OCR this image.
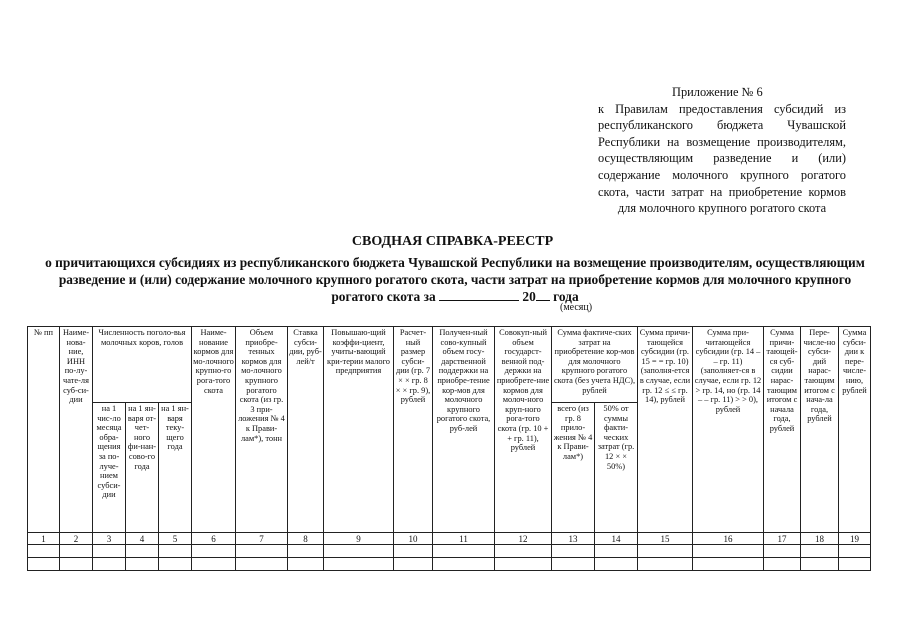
Приложение № 6
к Правилам предоставления субсидий из республиканского бюджета Чувашской Республики на возмещение производителям, осуществляющим разведение и (или) содержание молочного крупного рогатого скота, части затрат на приобретение кормов для молочного крупного рогатого скота
СВОДНАЯ СПРАВКА-РЕЕСТР
о причитающихся субсидиях из республиканского бюджета Чувашской Республики на возмещение производителям, осуществляющим разведение и (или) содержание молочного крупного рогатого скота, части затрат на приобретение кормов для молочного крупного рогатого скота за	20 года
(месяц)
№ пп	Наиме-нова-ние, ИНН по-лу-чате-ля суб-си-дии	Численность поголо-вья молочных коров, голов			Наиме-нование кормов для мо-лочного крупно-го рога-того скота	Объем приобре-тенных кормов для мо-лочного крупного рогатого скота (из гр. 3 при-ложения № 4 к Прави-лам*), тонн	Ставка субси-дии, руб-лей/т	Повышаю-щий коэффи-циент, учиты-вающий кри-терии малого предприятия	Расчет-ный размер субси-дии (гр. 7 × × гр. 8 × × гр. 9), рублей	Получен-ный сово-купный объем госу-дарственной поддержки на приобре-тение кор-мов для молочного крупного рогатого скота, руб-лей	Совокуп-ный объем государст-венной под-держки на приобрете-ние кормов для молоч-ного круп-ного рога-того скота (гр. 10 + + гр. 11), рублей	Сумма фактиче-ских затрат на приобретение кор-мов для молочного крупного рогатого скота (без учета НДС), рублей		Сумма причи-тающейся субсидии (гр. 15 = = гр. 10) (заполня-ется в случае, если гр. 12 ≤ ≤ гр. 14), рублей	Сумма при-читающейся субсидии (гр. 14 – – гр. 11) (заполняет-ся в случае, если гр. 12 > гр. 14, но (гр. 14 – – гр. 11) > > 0), рублей	Сумма причи-тающей-ся суб-сидии нарас-тающим итогом с начала года, рублей	Пере-числе-но субси-дий нарас-тающим итогом с нача-ла года, рублей	Сумма субси-дии к пере-числе-нию, рублей
		на 1 чис-ло месяца обра-щения за по-луче-нием субси-дии	на 1 ян-варя от-чет-ного фи-нан-сово-го года	на 1 ян-варя теку-щего года								всего (из гр. 8 прило-жения № 4 к Прави-лам*)	50% от суммы факти-ческих затрат (гр. 12 × × 50%)					
1	2	3	4	5	6	7	8	9	10	11	12	13	14	15	16	17	18	19
